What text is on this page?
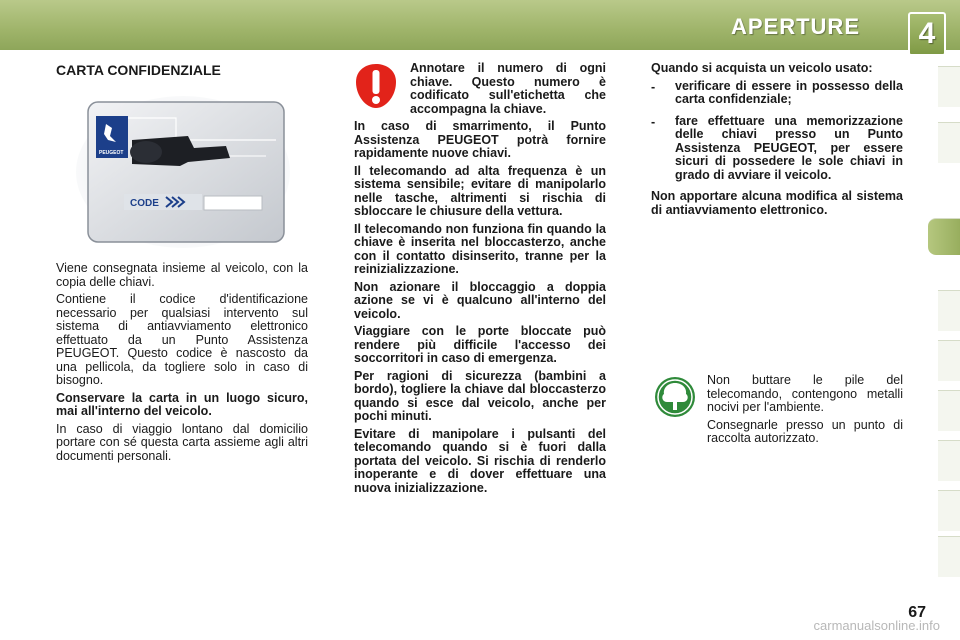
APERTURE	4
CARTA CONFIDENZIALE
PEUGEOT
CODE

Viene consegnata insieme al veicolo, con la copia delle chiavi.

Contiene il codice d'identificazione necessario per qualsiasi intervento sul sistema di antiavviamento elettronico effettuato da un Punto Assistenza PEUGEOT. Questo codice è nascosto da una pellicola, da togliere solo in caso di bisogno.

Conservare la carta in un luogo sicuro, mai all'interno del veicolo.

In caso di viaggio lontano dal domicilio portare con sé questa carta assieme agli altri documenti personali.

Annotare il numero di ogni chiave. Questo numero è codificato sull'etichetta che accompagna la chiave.

In caso di smarrimento, il Punto Assistenza PEUGEOT potrà fornire rapidamente nuove chiavi.

Il telecomando ad alta frequenza è un sistema sensibile; evitare di manipolarlo nelle tasche, altrimenti si rischia di sbloccare le chiusure della vettura.

Il telecomando non funziona fin quando la chiave è inserita nel bloccasterzo, anche con il contatto disinserito, tranne per la reinizializzazione.

Non azionare il bloccaggio a doppia azione se vi è qualcuno all'interno del veicolo.

Viaggiare con le porte bloccate può rendere più difficile l'accesso dei soccorritori in caso di emergenza.

Per ragioni di sicurezza (bambini a bordo), togliere la chiave dal bloccasterzo quando si esce dal veicolo, anche per pochi minuti.

Evitare di manipolare i pulsanti del telecomando quando si è fuori dalla portata del veicolo. Si rischia di renderlo inoperante e di dover effettuare una nuova inizializzazione.

Quando si acquista un veicolo usato:

-	verificare di essere in possesso della carta confidenziale;

-	fare effettuare una memorizzazione delle chiavi presso un Punto Assistenza PEUGEOT, per essere sicuri di possedere le sole chiavi in grado di avviare il veicolo.

Non apportare alcuna modifica al sistema di antiavviamento elettronico.

Non buttare le pile del telecomando, contengono metalli nocivi per l'ambiente.

Consegnarle presso un punto di raccolta autorizzato.

67
carmanualsonline.info
